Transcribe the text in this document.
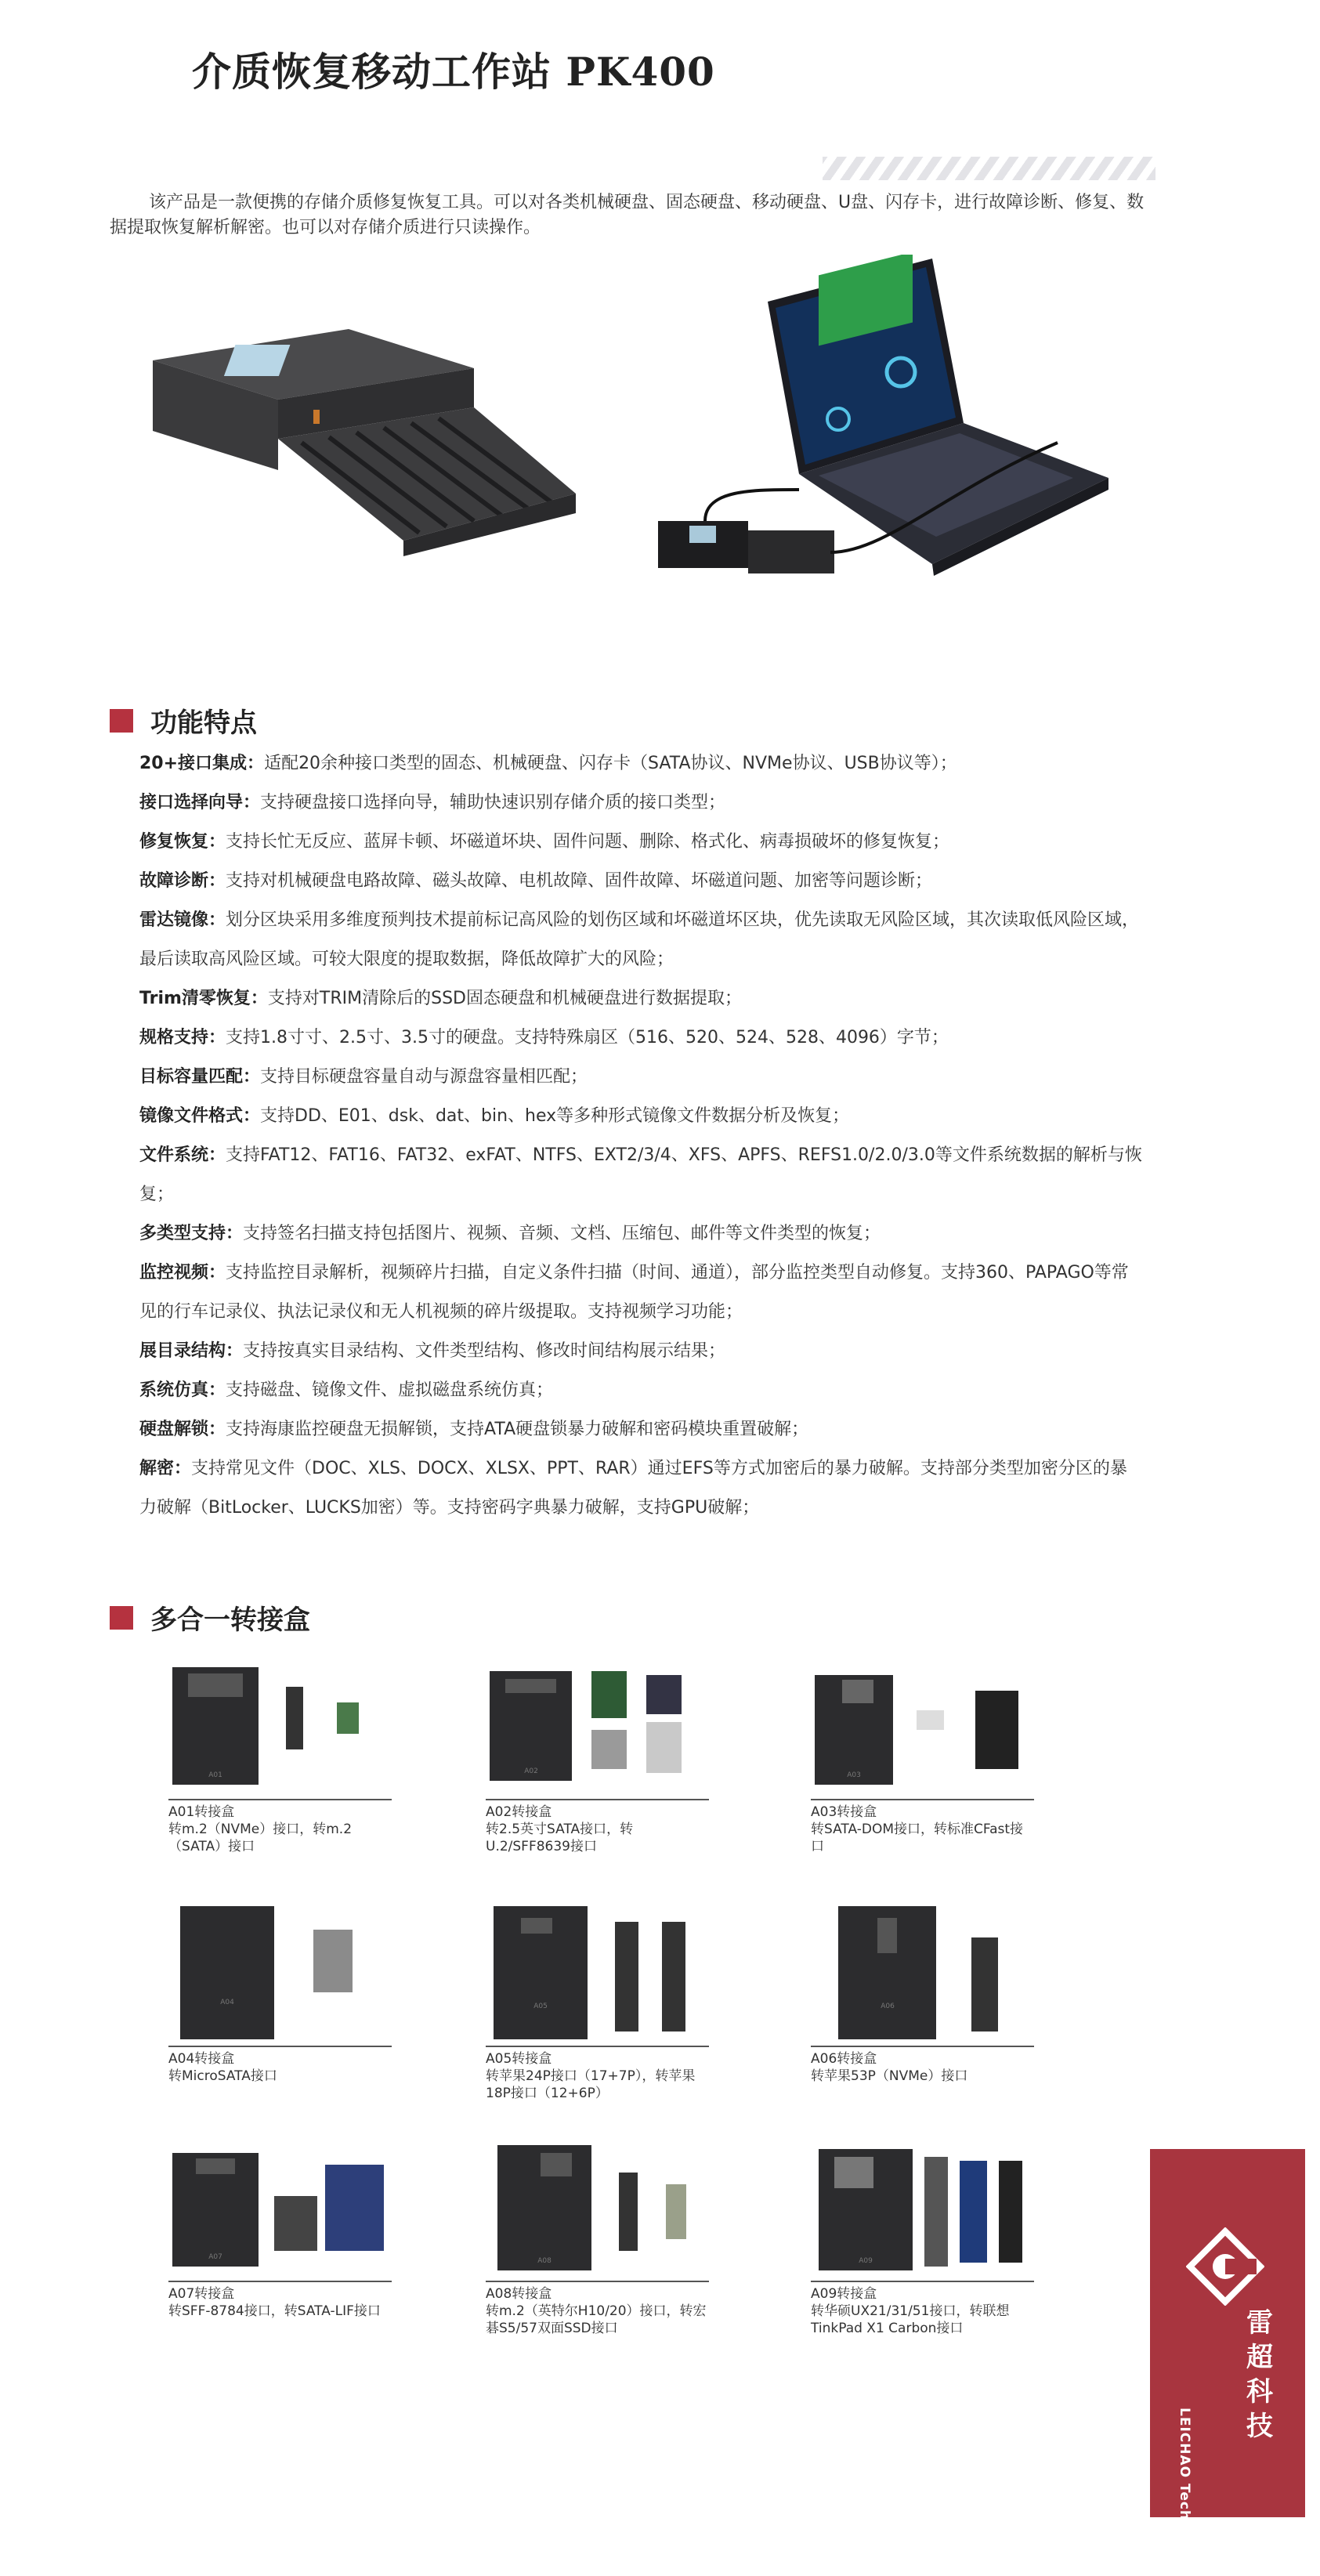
介质恢复移动工作站 PK400
该产品是一款便携的存储介质修复恢复工具。可以对各类机械硬盘、固态硬盘、移动硬盘、U盘、闪存卡，进行故障诊断、修复、数据提取恢复解析解密。也可以对存储介质进行只读操作。
功能特点
20+接口集成：适配20余种接口类型的固态、机械硬盘、闪存卡（SATA协议、NVMe协议、USB协议等）；
接口选择向导：支持硬盘接口选择向导，辅助快速识别存储介质的接口类型；
修复恢复：支持长忙无反应、蓝屏卡顿、坏磁道坏块、固件问题、删除、格式化、病毒损破坏的修复恢复；
故障诊断：支持对机械硬盘电路故障、磁头故障、电机故障、固件故障、坏磁道问题、加密等问题诊断；
雷达镜像：划分区块采用多维度预判技术提前标记高风险的划伤区域和坏磁道坏区块，优先读取无风险区域，其次读取低风险区域，最后读取高风险区域。可较大限度的提取数据，降低故障扩大的风险；
Trim清零恢复：支持对TRIM清除后的SSD固态硬盘和机械硬盘进行数据提取；
规格支持：支持1.8寸寸、2.5寸、3.5寸的硬盘。支持特殊扇区（516、520、524、528、4096）字节；
目标容量匹配：支持目标硬盘容量自动与源盘容量相匹配；
镜像文件格式：支持DD、E01、dsk、dat、bin、hex等多种形式镜像文件数据分析及恢复；
文件系统：支持FAT12、FAT16、FAT32、exFAT、NTFS、EXT2/3/4、XFS、APFS、REFS1.0/2.0/3.0等文件系统数据的解析与恢复；
多类型支持：支持签名扫描支持包括图片、视频、音频、文档、压缩包、邮件等文件类型的恢复；
监控视频：支持监控目录解析，视频碎片扫描，自定义条件扫描（时间、通道），部分监控类型自动修复。支持360、PAPAGO等常见的行车记录仪、执法记录仪和无人机视频的碎片级提取。支持视频学习功能；
展目录结构：支持按真实目录结构、文件类型结构、修改时间结构展示结果；
系统仿真：支持磁盘、镜像文件、虚拟磁盘系统仿真；
硬盘解锁：支持海康监控硬盘无损解锁，支持ATA硬盘锁暴力破解和密码模块重置破解；
解密：支持常见文件（DOC、XLS、DOCX、XLSX、PPT、RAR）通过EFS等方式加密后的暴力破解。支持部分类型加密分区的暴力破解（BitLocker、LUCKS加密）等。支持密码字典暴力破解，支持GPU破解；
多合一转接盒
A01
A01转接盒
转m.2（NVMe）接口，转m.2（SATA）接口
A02
A02转接盒
转2.5英寸SATA接口，转U.2/SFF8639接口
A03
A03转接盒
转SATA-DOM接口，转标准CFast接口
A04
A04转接盒
转MicroSATA接口
A05
A05转接盒
转苹果24P接口（17+7P），转苹果18P接口（12+6P）
A06
A06转接盒
转苹果53P（NVMe）接口
A07
A07转接盒
转SFF-8784接口，转SATA-LIF接口
A08
A08转接盒
转m.2（英特尔H10/20）接口，转宏碁S5/57双面SSD接口
A09
A09转接盒
转华硕UX21/31/51接口，转联想TinkPad X1 Carbon接口	雷超科技
LEICHAO Technology
